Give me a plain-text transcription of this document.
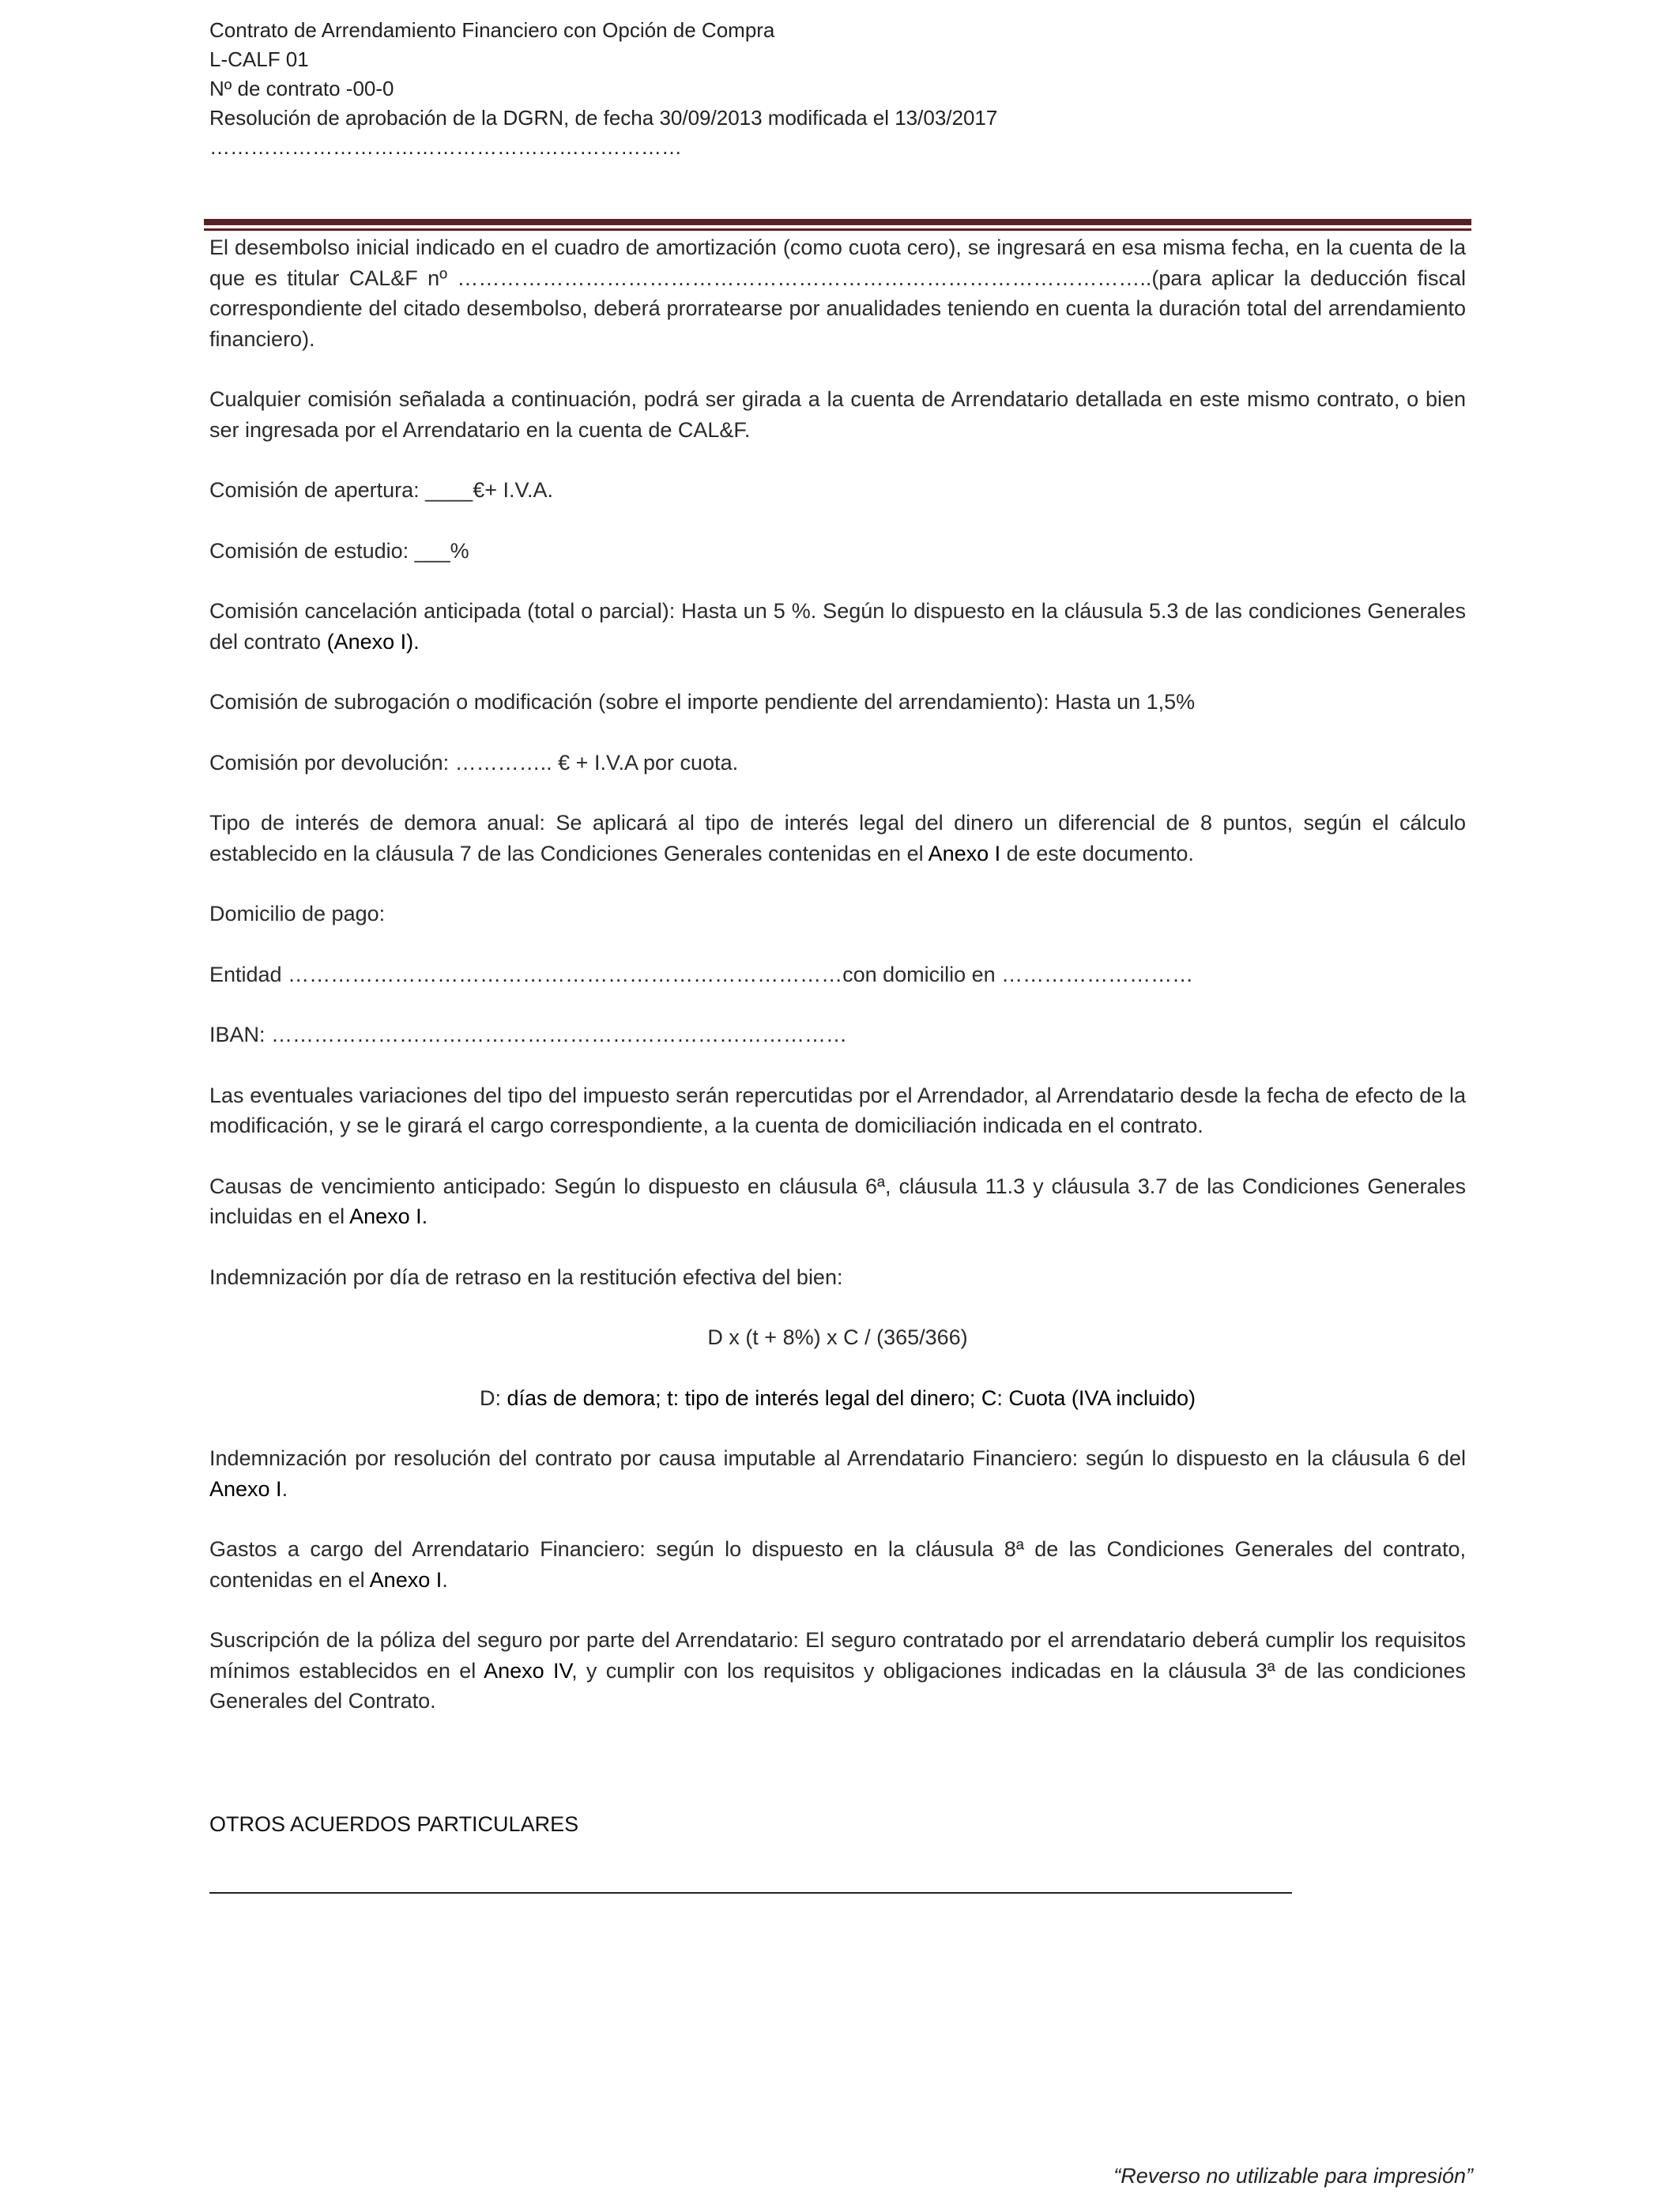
Contrato de Arrendamiento Financiero con Opción de Compra
L-CALF 01
Nº de contrato -00-0
Resolución de aprobación de la DGRN, de fecha 30/09/2013 modificada el 13/03/2017
……………………………………………………………

El desembolso inicial indicado en el cuadro de amortización (como cuota cero), se ingresará en esa misma fecha, en la cuenta de la que es titular CAL&F nº ……………………………………………………………………………………..(para aplicar la deducción fiscal correspondiente del citado desembolso, deberá prorratearse por anualidades teniendo en cuenta la duración total del arrendamiento financiero).

Cualquier comisión señalada a continuación, podrá ser girada a la cuenta de Arrendatario detallada en este mismo contrato, o bien ser ingresada por el Arrendatario en la cuenta de CAL&F.

Comisión de apertura: ____€+ I.V.A.

Comisión de estudio: ___%

Comisión cancelación anticipada (total o parcial): Hasta un 5 %. Según lo dispuesto en la cláusula 5.3 de las condiciones Generales del contrato (Anexo I).

Comisión de subrogación o modificación (sobre el importe pendiente del arrendamiento): Hasta un 1,5%

Comisión por devolución: ………….. € + I.V.A por cuota.

Tipo de interés de demora anual: Se aplicará al tipo de interés legal del dinero un diferencial de 8 puntos, según el cálculo establecido en la cláusula 7 de las Condiciones Generales contenidas en el Anexo I de este documento.

Domicilio de pago:

Entidad ……………………………………………………………………con domicilio en ………………………

IBAN: ………………………………………………………………………

Las eventuales variaciones del tipo del impuesto serán repercutidas por el Arrendador, al Arrendatario desde la fecha de efecto de la modificación, y se le girará el cargo correspondiente, a la cuenta de domiciliación indicada en el contrato.

Causas de vencimiento anticipado: Según lo dispuesto en cláusula 6ª, cláusula 11.3 y cláusula 3.7 de las Condiciones Generales incluidas en el Anexo I.

Indemnización por día de retraso en la restitución efectiva del bien:

D x (t + 8%) x C / (365/366)

D: días de demora; t: tipo de interés legal del dinero; C: Cuota (IVA incluido)

Indemnización por resolución del contrato por causa imputable al Arrendatario Financiero: según lo dispuesto en la cláusula 6 del Anexo I.

Gastos a cargo del Arrendatario Financiero: según lo dispuesto en la cláusula 8ª de las Condiciones Generales del contrato, contenidas en el Anexo I.

Suscripción de la póliza del seguro por parte del Arrendatario: El seguro contratado por el arrendatario deberá cumplir los requisitos mínimos establecidos en el Anexo IV, y cumplir con los requisitos y obligaciones indicadas en la cláusula 3ª de las condiciones Generales del Contrato.

OTROS ACUERDOS PARTICULARES
“Reverso no utilizable para impresión”
